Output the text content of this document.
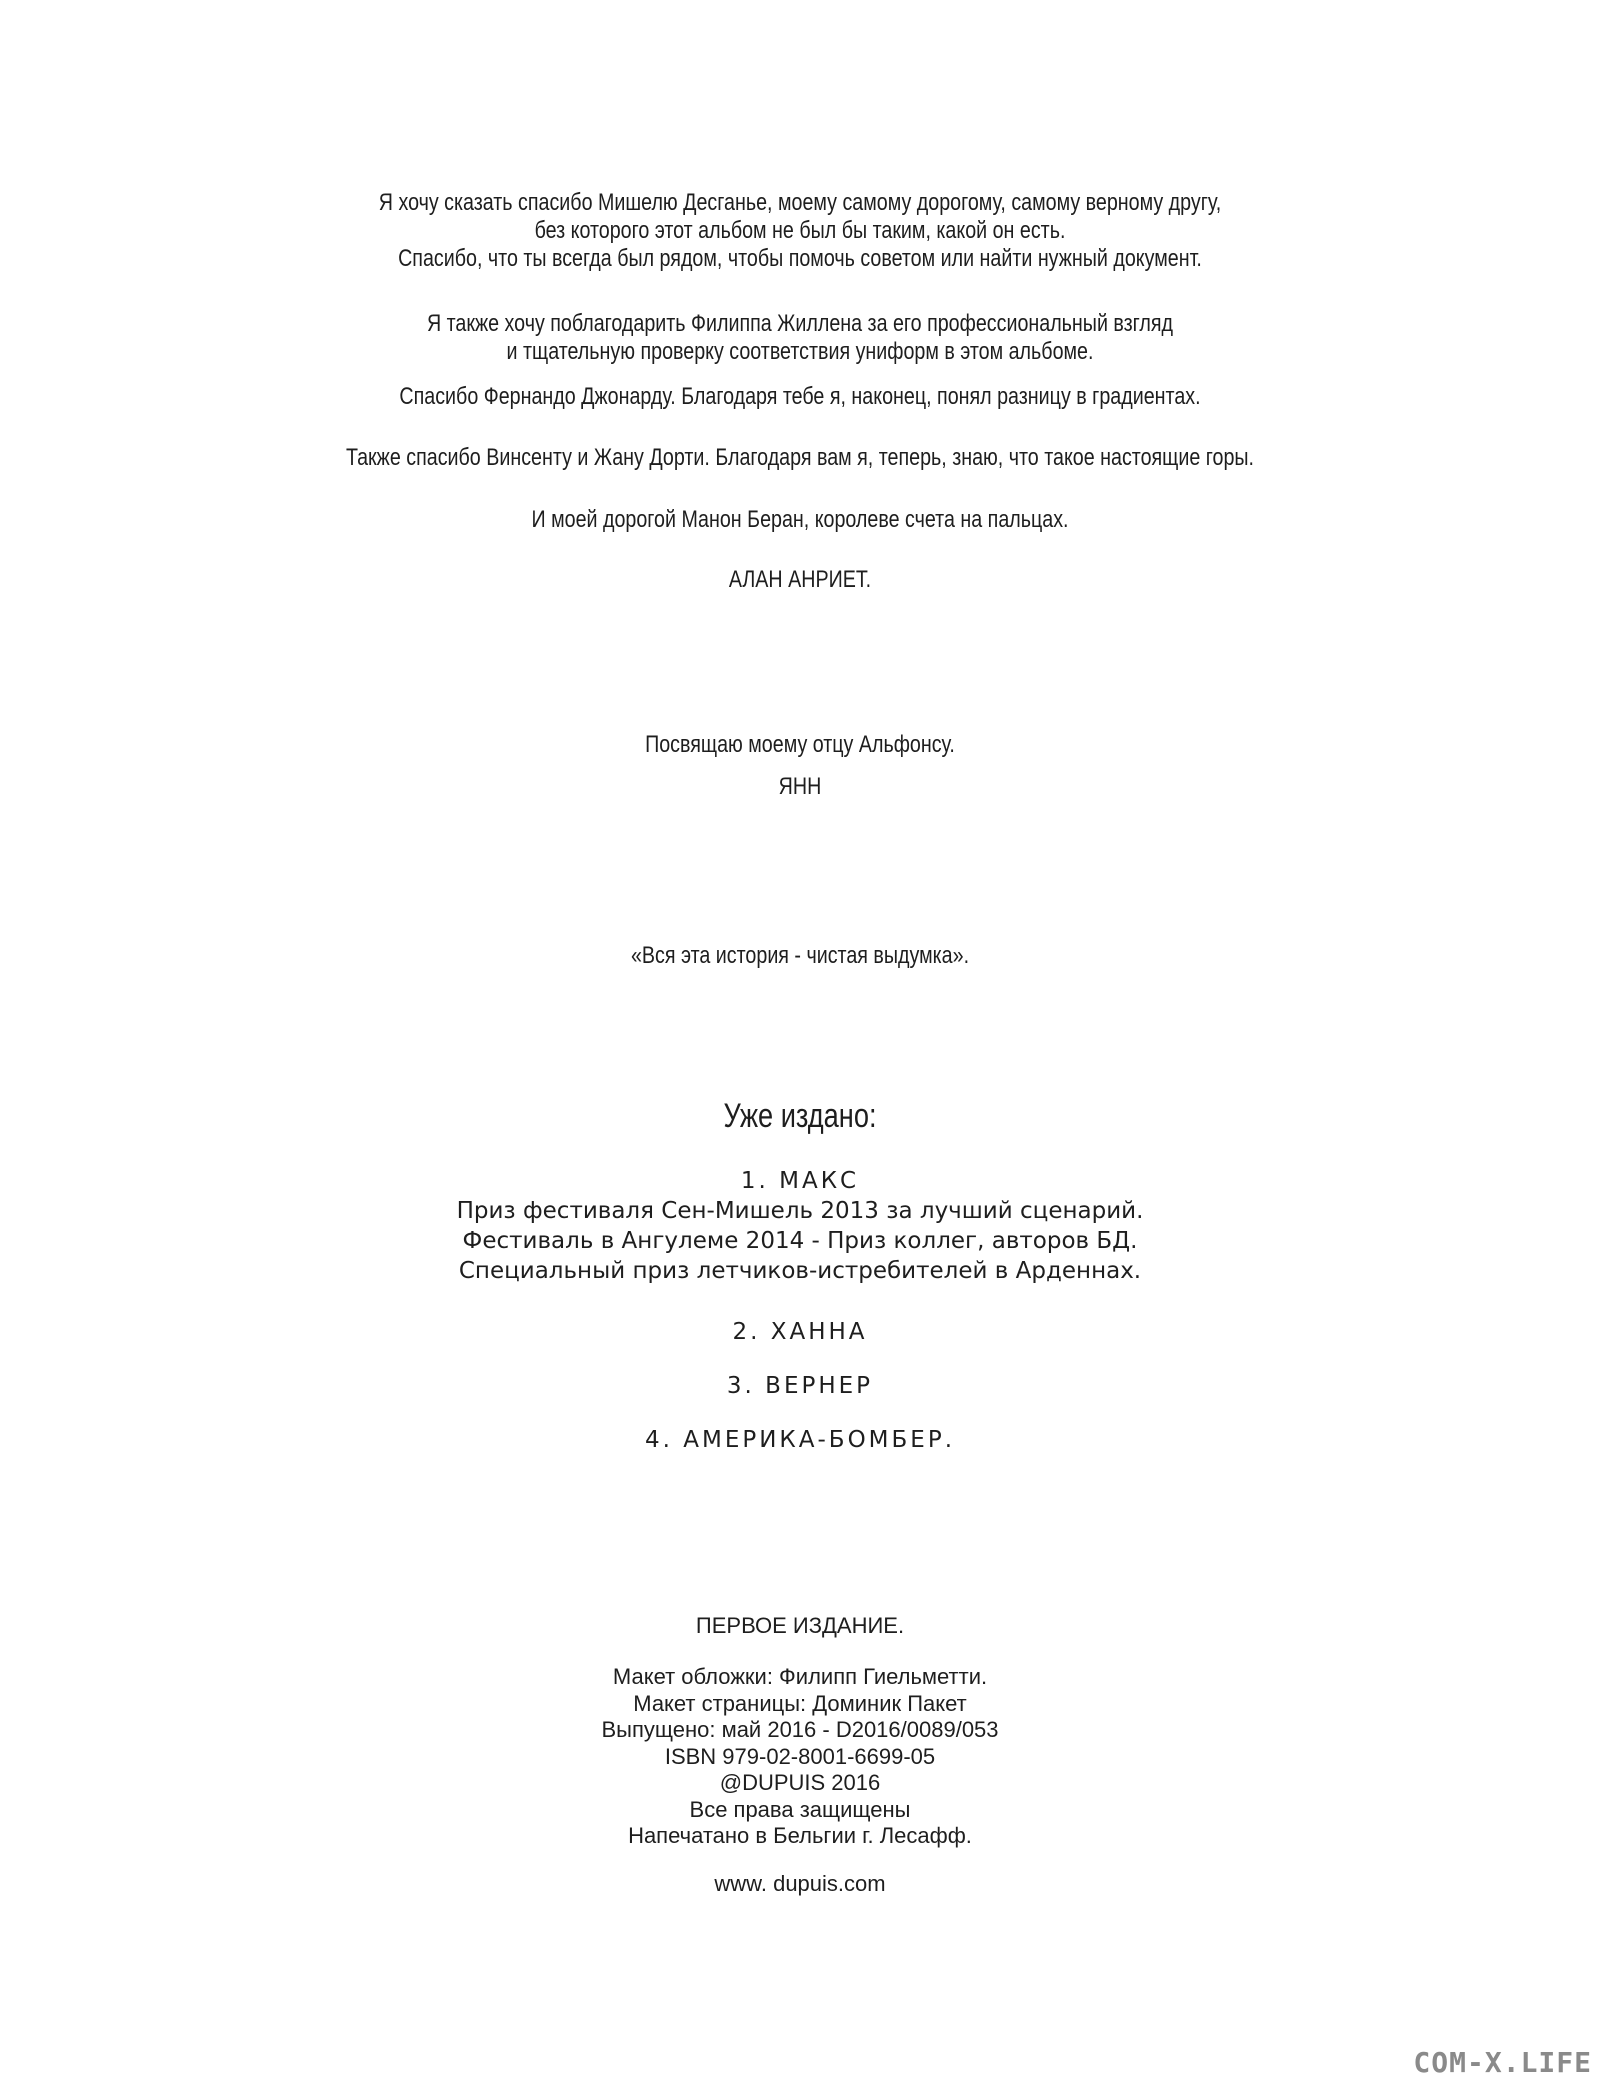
Я хочу сказать спасибо Мишелю Десганье, моему самому дорогому, самому верному другу,
без которого этот альбом не был бы таким, какой он есть.
Спасибо, что ты всегда был рядом, чтобы помочь советом или найти нужный документ.
Я также хочу поблагодарить Филиппа Жиллена за его профессиональный взгляд
и тщательную проверку соответствия униформ в этом альбоме.
Спасибо Фернандо Джонарду. Благодаря тебе я, наконец, понял разницу в градиентах.
Также спасибо Винсенту и Жану Дорти. Благодаря вам я, теперь, знаю, что такое настоящие горы.
И моей дорогой Манон Беран, королеве счета на пальцах.
АЛАН АНРИЕТ.
Посвящаю моему отцу Альфонсу.
ЯНН
«Вся эта история - чистая выдумка».
Уже издано:
1. МАКС
Приз фестиваля Сен-Мишель 2013 за лучший сценарий.
Фестиваль в Ангулеме 2014 - Приз коллег, авторов БД.
Специальный приз летчиков-истребителей в Арденнах.
2. ХАННА
3. ВЕРНЕР
4. АМЕРИКА-БОМБЕР.
ПЕРВОЕ ИЗДАНИЕ.
Макет обложки: Филипп Гиельметти.
Макет страницы: Доминик Пакет
Выпущено: май 2016 - D2016/0089/053
ISBN 979-02-8001-6699-05
@DUPUIS 2016
Все права защищены
Напечатано в Бельгии г. Лесафф.
www. dupuis.com
COM-X.LIFE
